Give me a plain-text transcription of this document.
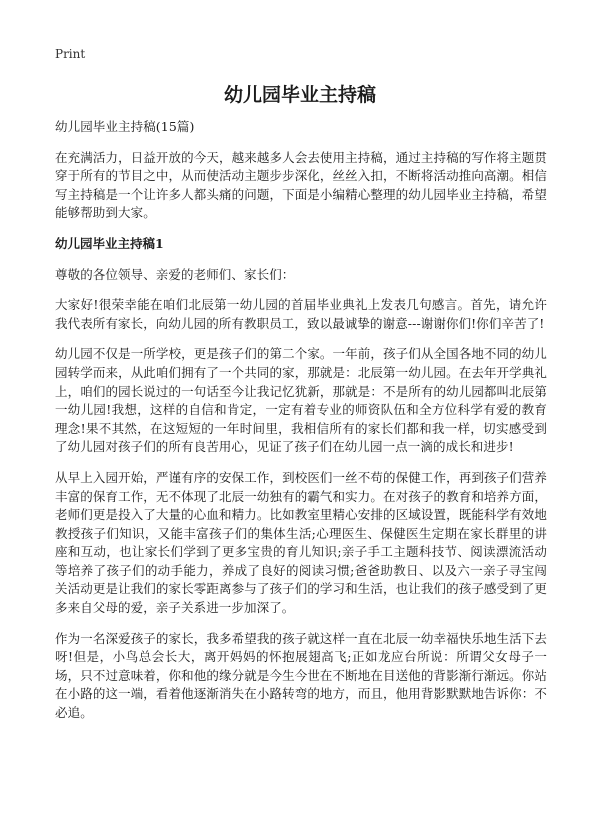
Print
幼儿园毕业主持稿

幼儿园毕业主持稿(15篇)

在充满活力，日益开放的今天，越来越多人会去使用主持稿，通过主持稿的写作将主题贯穿于所有的节目之中，从而使活动主题步步深化，丝丝入扣，不断将活动推向高潮。相信写主持稿是一个让许多人都头痛的问题，下面是小编精心整理的幼儿园毕业主持稿，希望能够帮助到大家。

幼儿园毕业主持稿1

尊敬的各位领导、亲爱的老师们、家长们：

大家好!很荣幸能在咱们北辰第一幼儿园的首届毕业典礼上发表几句感言。首先，请允许我代表所有家长，向幼儿园的所有教职员工，致以最诚挚的谢意---谢谢你们!你们辛苦了!

幼儿园不仅是一所学校，更是孩子们的第二个家。一年前，孩子们从全国各地不同的幼儿园转学而来，从此咱们拥有了一个共同的家，那就是：北辰第一幼儿园。在去年开学典礼上，咱们的园长说过的一句话至今让我记忆犹新，那就是：不是所有的幼儿园都叫北辰第一幼儿园!我想，这样的自信和肯定，一定有着专业的师资队伍和全方位科学有爱的教育理念!果不其然，在这短短的一年时间里，我相信所有的家长们都和我一样，切实感受到了幼儿园对孩子们的所有良苦用心，见证了孩子们在幼儿园一点一滴的成长和进步!

从早上入园开始，严谨有序的安保工作，到校医们一丝不苟的保健工作，再到孩子们营养丰富的保育工作，无不体现了北辰一幼独有的霸气和实力。在对孩子的教育和培养方面，老师们更是投入了大量的心血和精力。比如教室里精心安排的区域设置，既能科学有效地教授孩子们知识，又能丰富孩子们的集体生活;心理医生、保健医生定期在家长群里的讲座和互动，也让家长们学到了更多宝贵的育儿知识;亲子手工主题科技节、阅读漂流活动等培养了孩子们的动手能力，养成了良好的阅读习惯;爸爸助教日、以及六一亲子寻宝闯关活动更是让我们的家长零距离参与了孩子们的学习和生活，也让我们的孩子感受到了更多来自父母的爱，亲子关系进一步加深了。

作为一名深爱孩子的家长，我多希望我的孩子就这样一直在北辰一幼幸福快乐地生活下去呀!但是，小鸟总会长大，离开妈妈的怀抱展翅高飞;正如龙应台所说：所谓父女母子一场，只不过意味着，你和他的缘分就是今生今世在不断地在目送他的背影渐行渐远。你站在小路的这一端，看着他逐渐消失在小路转弯的地方，而且，他用背影默默地告诉你：不必追。
